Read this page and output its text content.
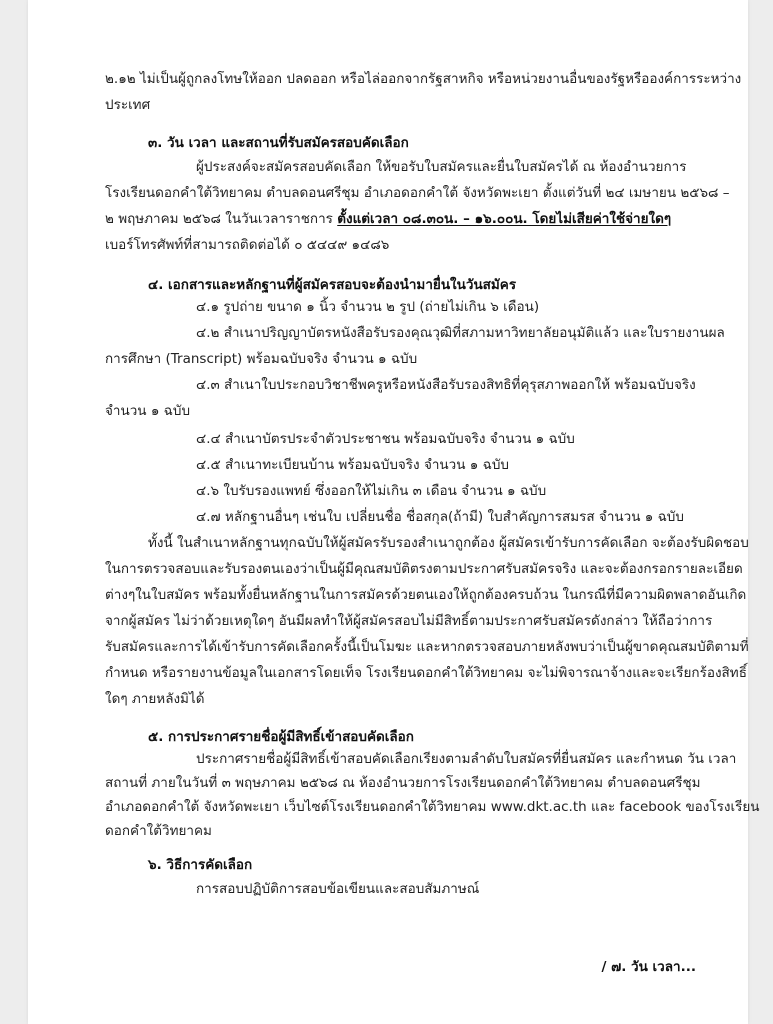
๒.๑๒ ไม่เป็นผู้ถูกลงโทษให้ออก ปลดออก หรือไล่ออกจากรัฐสาหกิจ หรือหน่วยงานอื่นของรัฐหรือองค์การระหว่าง
ประเทศ
๓. วัน เวลา และสถานที่รับสมัครสอบคัดเลือก
ผู้ประสงค์จะสมัครสอบคัดเลือก ให้ขอรับใบสมัครและยื่นใบสมัครได้ ณ ห้องอำนวยการ
โรงเรียนดอกคำใต้วิทยาคม ตำบลดอนศรีชุม อำเภอดอกคำใต้ จังหวัดพะเยา ตั้งแต่วันที่ ๒๔ เมษายน ๒๕๖๘ –
๒ พฤษภาคม ๒๕๖๘ ในวันเวลาราชการ ตั้งแต่เวลา ๐๘.๓๐น. – ๑๖.๐๐น. โดยไม่เสียค่าใช้จ่ายใดๆ
เบอร์โทรศัพท์ที่สามารถติดต่อได้ ๐ ๕๔๔๙ ๑๔๘๖
๔. เอกสารและหลักฐานที่ผู้สมัครสอบจะต้องนำมายื่นในวันสมัคร
๔.๑ รูปถ่าย ขนาด ๑ นิ้ว จำนวน ๒ รูป (ถ่ายไม่เกิน ๖ เดือน)
๔.๒ สำเนาปริญญาบัตรหนังสือรับรองคุณวุฒิที่สภามหาวิทยาลัยอนุมัติแล้ว และใบรายงานผล
การศึกษา (Transcript) พร้อมฉบับจริง จำนวน ๑ ฉบับ
๔.๓ สำเนาใบประกอบวิชาชีพครูหรือหนังสือรับรองสิทธิที่คุรุสภาพออกให้ พร้อมฉบับจริง
จำนวน ๑ ฉบับ
๔.๔ สำเนาบัตรประจำตัวประชาชน พร้อมฉบับจริง จำนวน ๑ ฉบับ
๔.๕ สำเนาทะเบียนบ้าน พร้อมฉบับจริง จำนวน ๑ ฉบับ
๔.๖ ใบรับรองแพทย์ ซึ่งออกให้ไม่เกิน ๓ เดือน จำนวน ๑ ฉบับ
๔.๗ หลักฐานอื่นๆ เช่นใบ เปลี่ยนชื่อ ชื่อสกุล(ถ้ามี) ใบสำคัญการสมรส จำนวน ๑ ฉบับ
ทั้งนี้ ในสำเนาหลักฐานทุกฉบับให้ผู้สมัครรับรองสำเนาถูกต้อง ผู้สมัครเข้ารับการคัดเลือก จะต้องรับผิดชอบ
ในการตรวจสอบและรับรองตนเองว่าเป็นผู้มีคุณสมบัติตรงตามประกาศรับสมัครจริง และจะต้องกรอกรายละเอียด
ต่างๆในใบสมัคร พร้อมทั้งยื่นหลักฐานในการสมัครด้วยตนเองให้ถูกต้องครบถ้วน ในกรณีที่มีความผิดพลาดอันเกิด
จากผู้สมัคร ไม่ว่าด้วยเหตุใดๆ อันมีผลทำให้ผู้สมัครสอบไม่มีสิทธิ์ตามประกาศรับสมัครดังกล่าว ให้ถือว่าการ
รับสมัครและการได้เข้ารับการคัดเลือกครั้งนี้เป็นโมฆะ และหากตรวจสอบภายหลังพบว่าเป็นผู้ขาดคุณสมบัติตามที่
กำหนด หรือรายงานข้อมูลในเอกสารโดยเท็จ โรงเรียนดอกคำใต้วิทยาคม จะไม่พิจารณาจ้างและจะเรียกร้องสิทธิ์
ใดๆ ภายหลังมิได้
๕. การประกาศรายชื่อผู้มีสิทธิ์เข้าสอบคัดเลือก
ประกาศรายชื่อผู้มีสิทธิ์เข้าสอบคัดเลือกเรียงตามลำดับใบสมัครที่ยื่นสมัคร และกำหนด วัน เวลา
สถานที่ ภายในวันที่ ๓ พฤษภาคม ๒๕๖๘ ณ ห้องอำนวยการโรงเรียนดอกคำใต้วิทยาคม ตำบลดอนศรีชุม
อำเภอดอกคำใต้ จังหวัดพะเยา เว็บไซต์โรงเรียนดอกคำใต้วิทยาคม www.dkt.ac.th และ facebook ของโรงเรียน
ดอกคำใต้วิทยาคม
๖. วิธีการคัดเลือก
การสอบปฏิบัติการสอบข้อเขียนและสอบสัมภาษณ์
/ ๗. วัน เวลา...
